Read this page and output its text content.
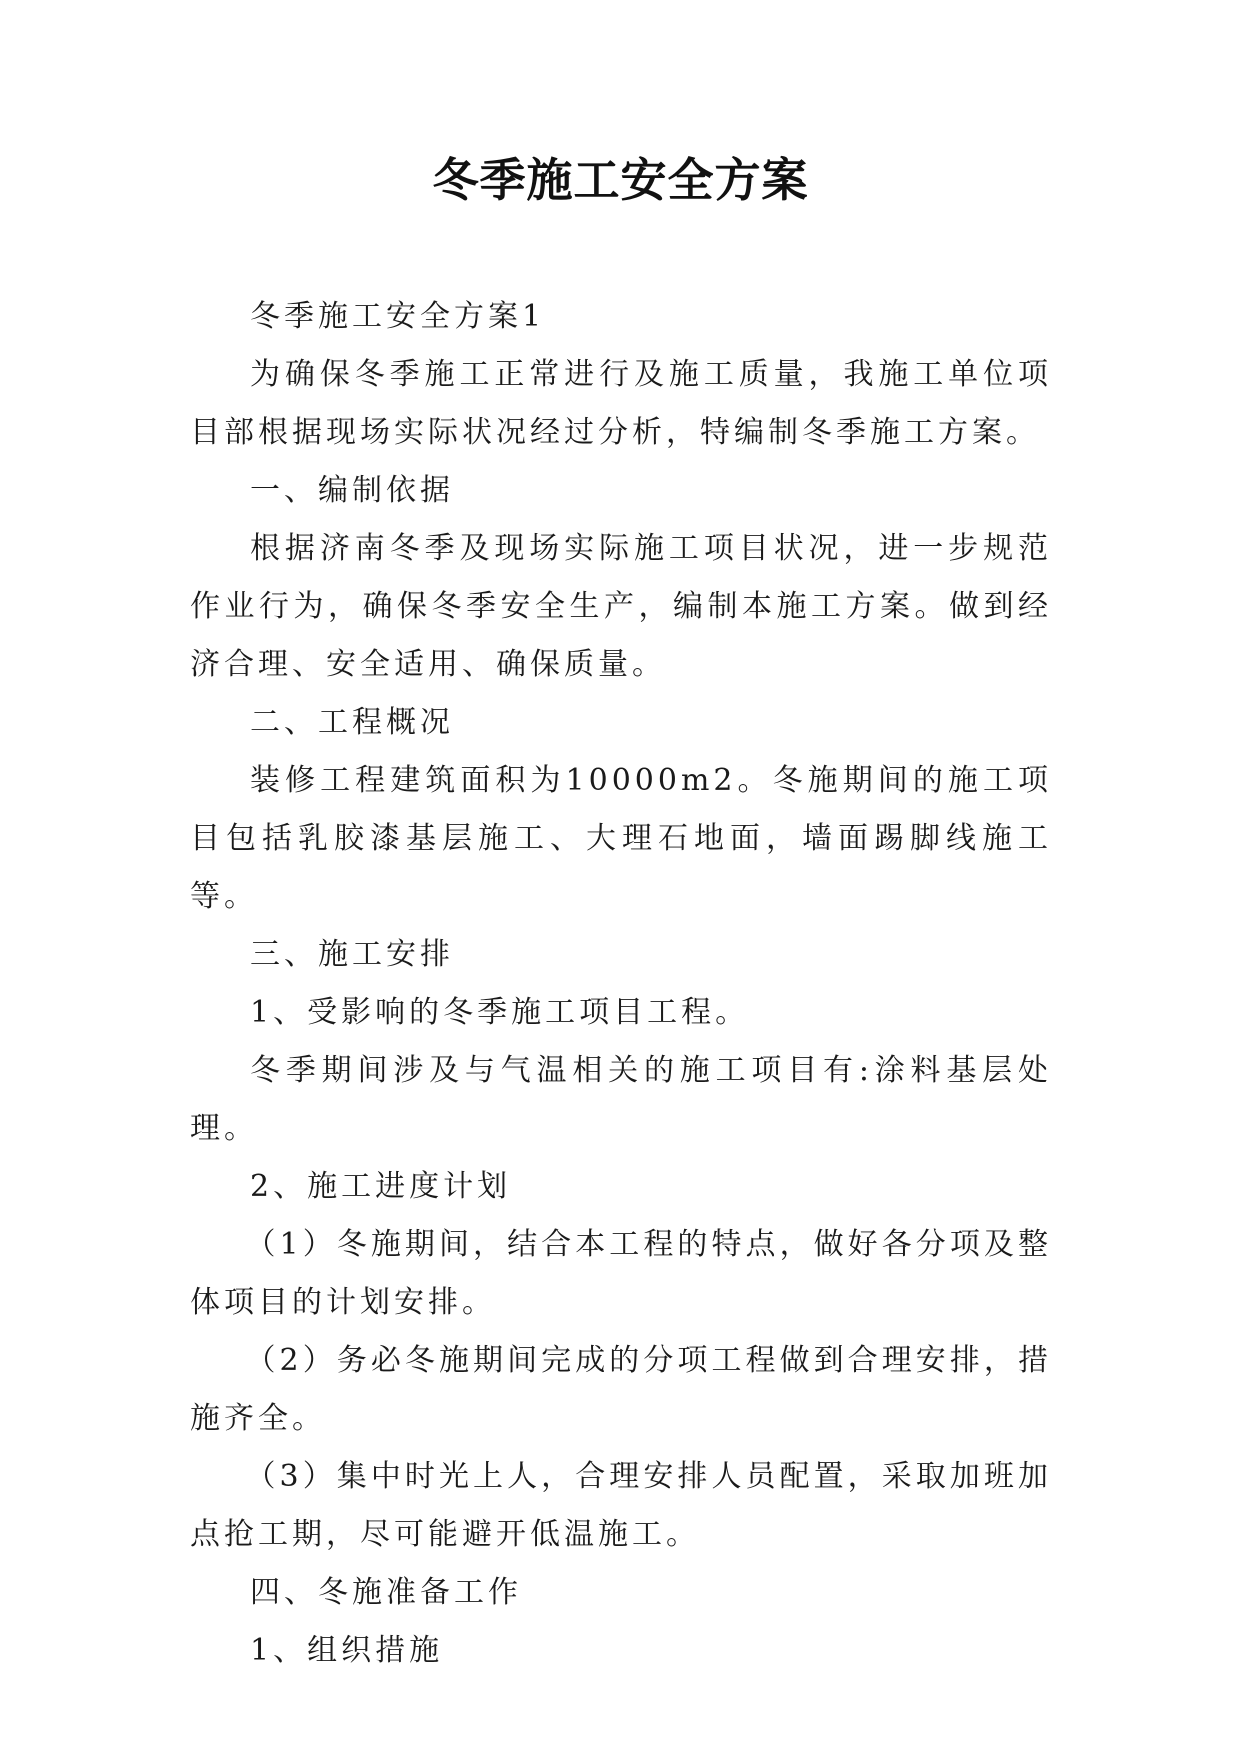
冬季施工安全方案

冬季施工安全方案1

为确保冬季施工正常进行及施工质量，我施工单位项目部根据现场实际状况经过分析，特编制冬季施工方案。

一、编制依据

根据济南冬季及现场实际施工项目状况，进一步规范作业行为，确保冬季安全生产，编制本施工方案。做到经济合理、安全适用、确保质量。

二、工程概况

装修工程建筑面积为10000m2。冬施期间的施工项目包括乳胶漆基层施工、大理石地面，墙面踢脚线施工等。

三、施工安排

1、受影响的冬季施工项目工程。

冬季期间涉及与气温相关的施工项目有:涂料基层处理。

2、施工进度计划

（1）冬施期间，结合本工程的特点，做好各分项及整体项目的计划安排。

（2）务必冬施期间完成的分项工程做到合理安排，措施齐全。

（3）集中时光上人，合理安排人员配置，采取加班加点抢工期，尽可能避开低温施工。

四、冬施准备工作

1、组织措施
